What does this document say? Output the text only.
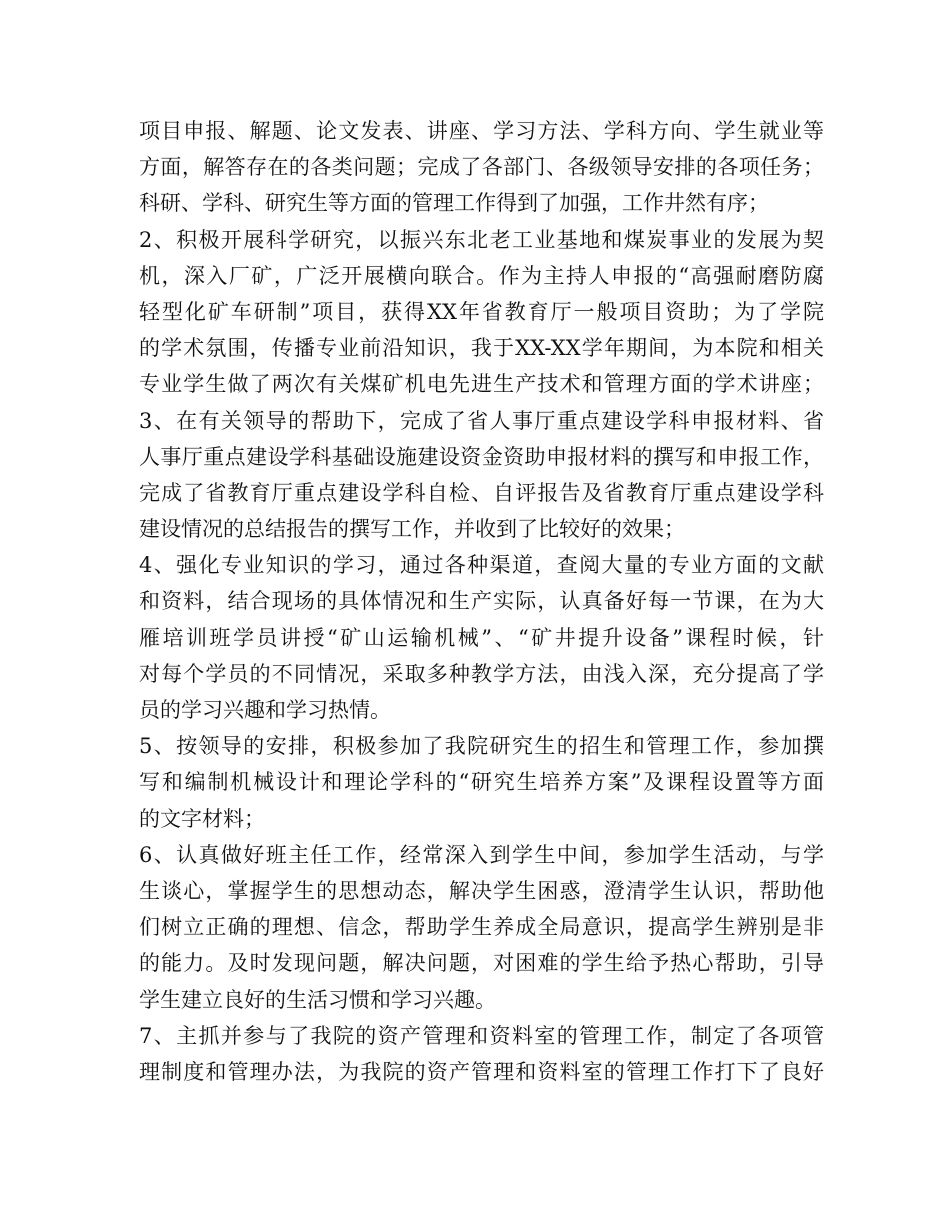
项目申报、解题、论文发表、讲座、学习方法、学科方向、学生就业等
方面，解答存在的各类问题；完成了各部门、各级领导安排的各项任务；
科研、学科、研究生等方面的管理工作得到了加强，工作井然有序；
2、积极开展科学研究，以振兴东北老工业基地和煤炭事业的发展为契
机，深入厂矿，广泛开展横向联合。作为主持人申报的“高强耐磨防腐
轻型化矿车研制”项目，获得XX年省教育厅一般项目资助；为了学院
的学术氛围，传播专业前沿知识，我于XX-XX学年期间，为本院和相关
专业学生做了两次有关煤矿机电先进生产技术和管理方面的学术讲座；
3、在有关领导的帮助下，完成了省人事厅重点建设学科申报材料、省
人事厅重点建设学科基础设施建设资金资助申报材料的撰写和申报工作，
完成了省教育厅重点建设学科自检、自评报告及省教育厅重点建设学科
建设情况的总结报告的撰写工作，并收到了比较好的效果；
4、强化专业知识的学习，通过各种渠道，查阅大量的专业方面的文献
和资料，结合现场的具体情况和生产实际，认真备好每一节课，在为大
雁培训班学员讲授“矿山运输机械”、“矿井提升设备”课程时候，针
对每个学员的不同情况，采取多种教学方法，由浅入深，充分提高了学
员的学习兴趣和学习热情。
5、按领导的安排，积极参加了我院研究生的招生和管理工作，参加撰
写和编制机械设计和理论学科的“研究生培养方案”及课程设置等方面
的文字材料；
6、认真做好班主任工作，经常深入到学生中间，参加学生活动，与学
生谈心，掌握学生的思想动态，解决学生困惑，澄清学生认识，帮助他
们树立正确的理想、信念，帮助学生养成全局意识，提高学生辨别是非
的能力。及时发现问题，解决问题，对困难的学生给予热心帮助，引导
学生建立良好的生活习惯和学习兴趣。
7、主抓并参与了我院的资产管理和资料室的管理工作，制定了各项管
理制度和管理办法，为我院的资产管理和资料室的管理工作打下了良好
